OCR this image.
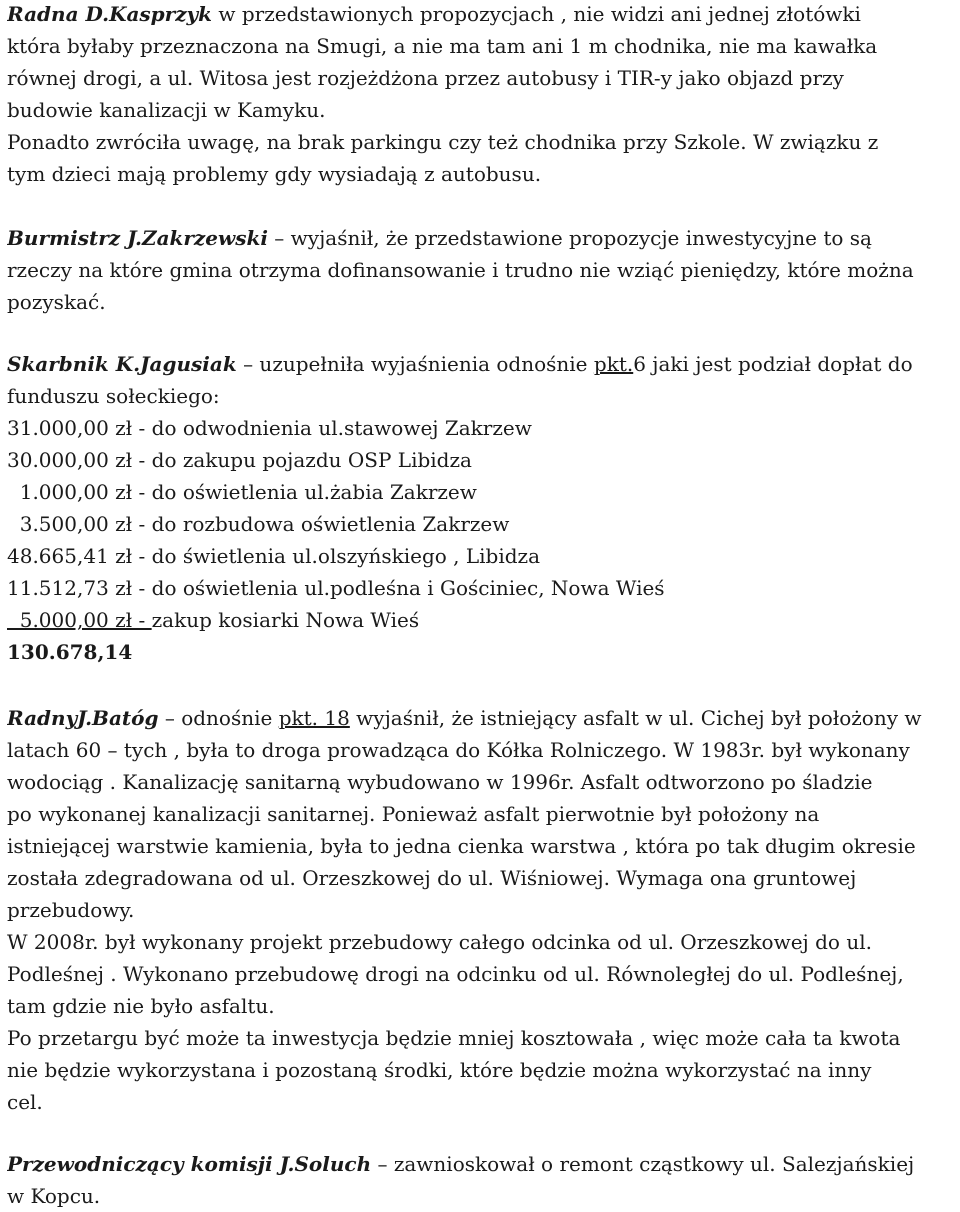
Radna D.Kasprzyk w przedstawionych propozycjach , nie widzi ani jednej złotówki
która byłaby przeznaczona na Smugi, a nie ma tam ani 1 m chodnika, nie ma kawałka
równej drogi, a ul. Witosa jest rozjeżdżona przez autobusy i TIR-y jako objazd przy
budowie kanalizacji w Kamyku.
Ponadto zwróciła uwagę, na brak parkingu czy też chodnika przy Szkole. W związku z
tym dzieci mają problemy gdy wysiadają z autobusu.
Burmistrz J.Zakrzewski – wyjaśnił, że przedstawione propozycje inwestycyjne to są
rzeczy na które gmina otrzyma dofinansowanie i trudno nie wziąć pieniędzy, które można
pozyskać.
Skarbnik K.Jagusiak – uzupełniła wyjaśnienia odnośnie pkt.6 jaki jest podział dopłat do
funduszu sołeckiego:
31.000,00 zł - do odwodnienia ul.stawowej Zakrzew
30.000,00 zł - do zakupu pojazdu OSP Libidza
1.000,00 zł - do oświetlenia ul.żabia Zakrzew
3.500,00 zł - do rozbudowa oświetlenia Zakrzew
48.665,41 zł - do świetlenia ul.olszyńskiego , Libidza
11.512,73 zł - do oświetlenia ul.podleśna i Gościniec, Nowa Wieś
5.000,00 zł - zakup kosiarki Nowa Wieś
130.678,14
RadnyJ.Batóg – odnośnie pkt. 18 wyjaśnił, że istniejący asfalt w ul. Cichej był położony w
latach 60 – tych , była to droga prowadząca do Kółka Rolniczego. W 1983r. był wykonany
wodociąg . Kanalizację sanitarną wybudowano w 1996r. Asfalt odtworzono po śladzie
po wykonanej kanalizacji sanitarnej. Ponieważ asfalt pierwotnie był położony na
istniejącej warstwie kamienia, była to jedna cienka warstwa , która po tak długim okresie
została zdegradowana od ul. Orzeszkowej do ul. Wiśniowej. Wymaga ona gruntowej
przebudowy.
W 2008r. był wykonany projekt przebudowy całego odcinka od ul. Orzeszkowej do ul.
Podleśnej . Wykonano przebudowę drogi na odcinku od ul. Równoległej do ul. Podleśnej,
tam gdzie nie było asfaltu.
Po przetargu być może ta inwestycja będzie mniej kosztowała , więc może cała ta kwota
nie będzie wykorzystana i pozostaną środki, które będzie można wykorzystać na inny
cel.
Przewodniczący komisji J.Soluch – zawnioskował o remont cząstkowy ul. Salezjańskiej
w Kopcu.
